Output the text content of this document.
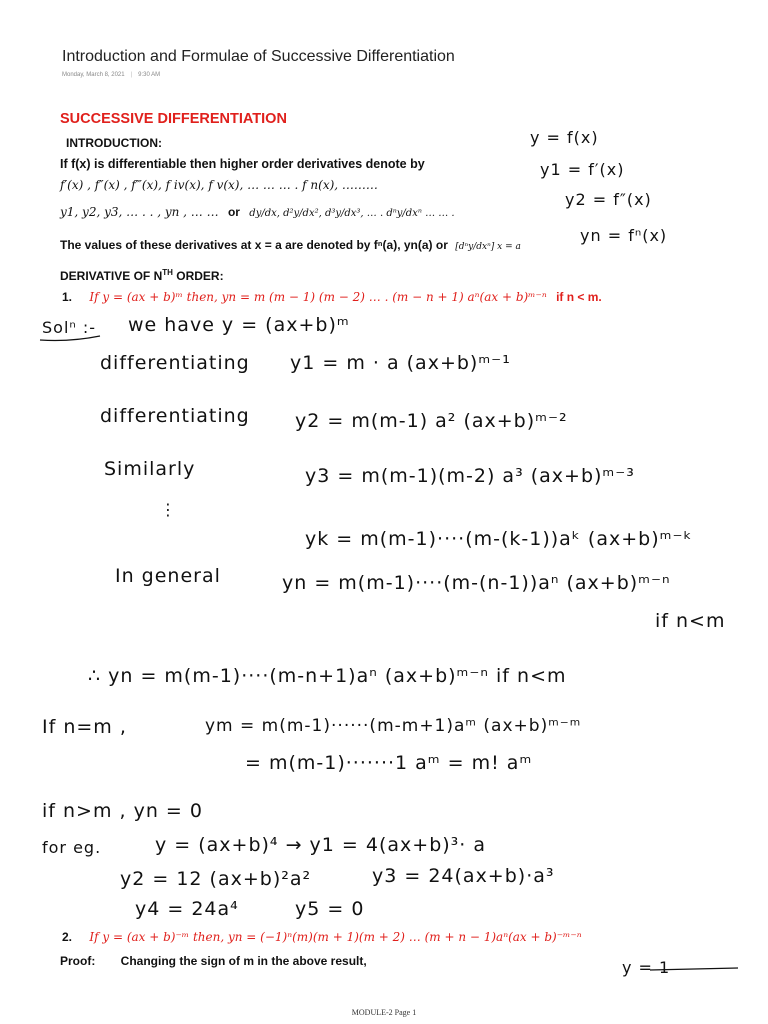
Introduction and Formulae of Successive Differentiation
Monday, March 8, 2021 | 9:30 AM
SUCCESSIVE DIFFERENTIATION
INTRODUCTION:
If f(x) is differentiable then higher order derivatives denote by
f′(x) , f″(x) , f‴(x), f iv(x), f v(x), … … … . f n(x), ………
y1, y2, y3, … . . , yn , … … or dy/dx, d²y/dx², d³y/dx³, … . dⁿy/dxⁿ … … .
The values of these derivatives at x = a are denoted by fⁿ(a), yn(a) or [dⁿy/dxⁿ] x = a
DERIVATIVE OF $N^{TH}$ ORDER:
1. If y = (ax + b)ᵐ then, yn = m (m − 1) (m − 2) … . (m − n + 1) aⁿ(ax + b)ᵐ⁻ⁿ if n < m.
y = f(x)
y1 = f′(x)
y2 = f″(x)
yn = fⁿ(x)
Solⁿ :- we have y = (ax+b)ᵐ
differentiating y1 = m · a (ax+b)ᵐ⁻¹
differentiating y2 = m(m-1) a² (ax+b)ᵐ⁻²
Similarly	y3 = m(m-1)(m-2) a³ (ax+b)ᵐ⁻³
⋮
yk = m(m-1)····(m-(k-1))aᵏ (ax+b)ᵐ⁻ᵏ
In general	yn = m(m-1)····(m-(n-1))aⁿ (ax+b)ᵐ⁻ⁿ
if n<m
∴ yn = m(m-1)····(m-n+1)aⁿ (ax+b)ᵐ⁻ⁿ if n<m
If n=m ,	ym = m(m-1)······(m-m+1)aᵐ (ax+b)ᵐ⁻ᵐ
= m(m-1)·······1 aᵐ = m! aᵐ
if n>m , yn = 0
for eg.	y = (ax+b)⁴ → y1 = 4(ax+b)³· a
y2 = 12 (ax+b)²a²	y3 = 24(ax+b)·a³
y4 = 24a⁴	y5 = 0
2. If y = (ax + b)⁻ᵐ then, yn = (−1)ⁿ(m)(m + 1)(m + 2) … (m + n − 1)aⁿ(ax + b)⁻ᵐ⁻ⁿ
Proof: Changing the sign of m in the above result,	y = 1
MODULE-2 Page 1
